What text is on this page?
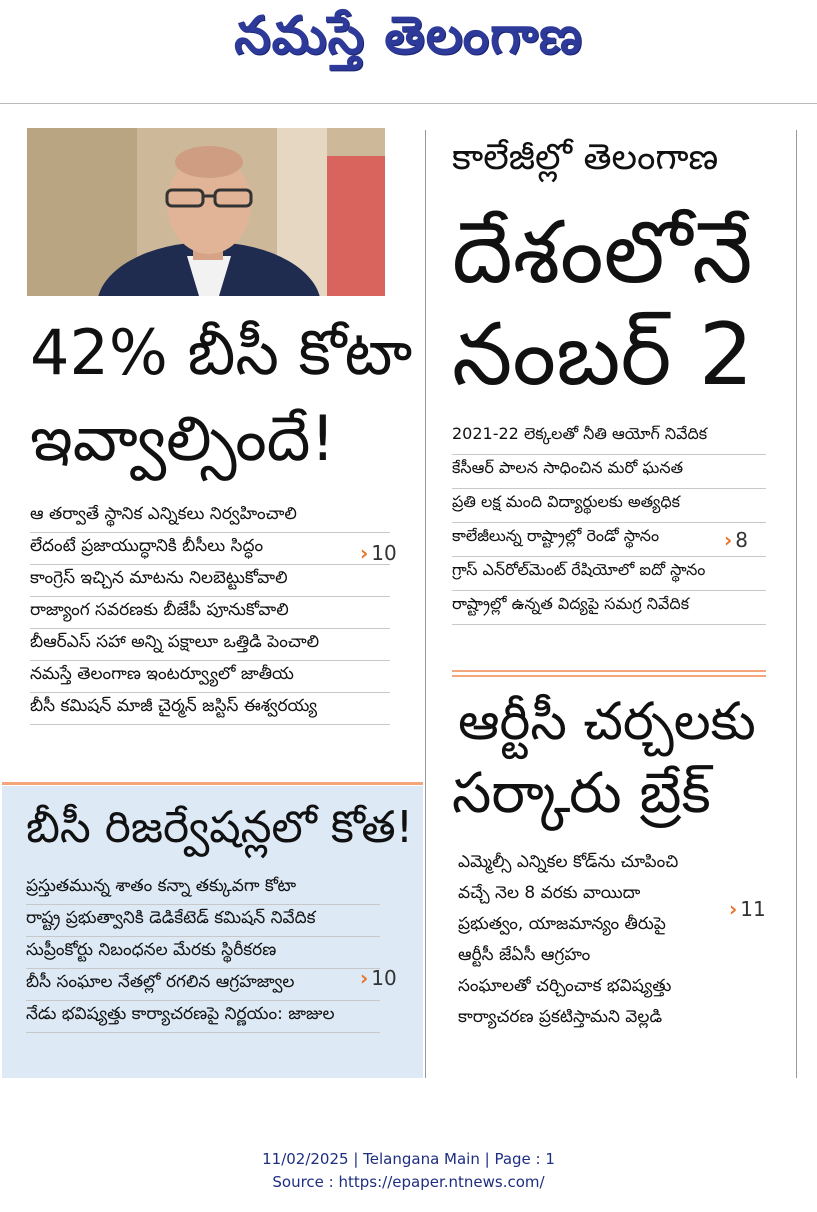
నమస్తే తెలంగాణ
42% బీసీ కోటా
ఇవ్వాల్సిందే!
ఆ తర్వాతే స్థానిక ఎన్నికలు నిర్వహించాలి
లేదంటే ప్రజాయుద్ధానికి బీసీలు సిద్ధం
కాంగ్రెస్ ఇచ్చిన మాటను నిలబెట్టుకోవాలి
రాజ్యాంగ సవరణకు బీజేపీ పూనుకోవాలి
బీఆర్ఎస్ సహా అన్ని పక్షాలూ ఒత్తిడి పెంచాలి
నమస్తే తెలంగాణ ఇంటర్వ్యూలో జాతీయ
బీసీ కమిషన్ మాజీ చైర్మన్ జస్టిస్ ఈశ్వరయ్య
› 10
బీసీ రిజర్వేషన్లలో కోత!
ప్రస్తుతమున్న శాతం కన్నా తక్కువగా కోటా
రాష్ట్ర ప్రభుత్వానికి డెడికేటెడ్ కమిషన్ నివేదిక
సుప్రీంకోర్టు నిబంధనల మేరకు స్థిరీకరణ
బీసీ సంఘాల నేతల్లో రగలిన ఆగ్రహజ్వాల
నేడు భవిష్యత్తు కార్యాచరణపై నిర్ణయం: జాజుల
› 10
కాలేజీల్లో తెలంగాణ
దేశంలోనే
నంబర్ 2
2021-22 లెక్కలతో నీతి ఆయోగ్ నివేదిక
కేసీఆర్ పాలన సాధించిన మరో ఘనత
ప్రతి లక్ష మంది విద్యార్థులకు అత్యధిక
కాలేజీలున్న రాష్ట్రాల్లో రెండో స్థానం
గ్రాస్ ఎన్‌రోల్‌మెంట్ రేషియోలో ఐదో స్థానం
రాష్ట్రాల్లో ఉన్నత విద్యపై సమగ్ర నివేదిక
› 8
ఆర్టీసీ చర్చలకు
సర్కారు బ్రేక్
ఎమ్మెల్సీ ఎన్నికల కోడ్‌ను చూపించి
వచ్చే నెల 8 వరకు వాయిదా
ప్రభుత్వం, యాజమాన్యం తీరుపై
ఆర్టీసీ జేఏసీ ఆగ్రహం
సంఘాలతో చర్చించాక భవిష్యత్తు
కార్యాచరణ ప్రకటిస్తామని వెల్లడి
› 11
11/02/2025 | Telangana Main | Page : 1
Source : https://epaper.ntnews.com/
